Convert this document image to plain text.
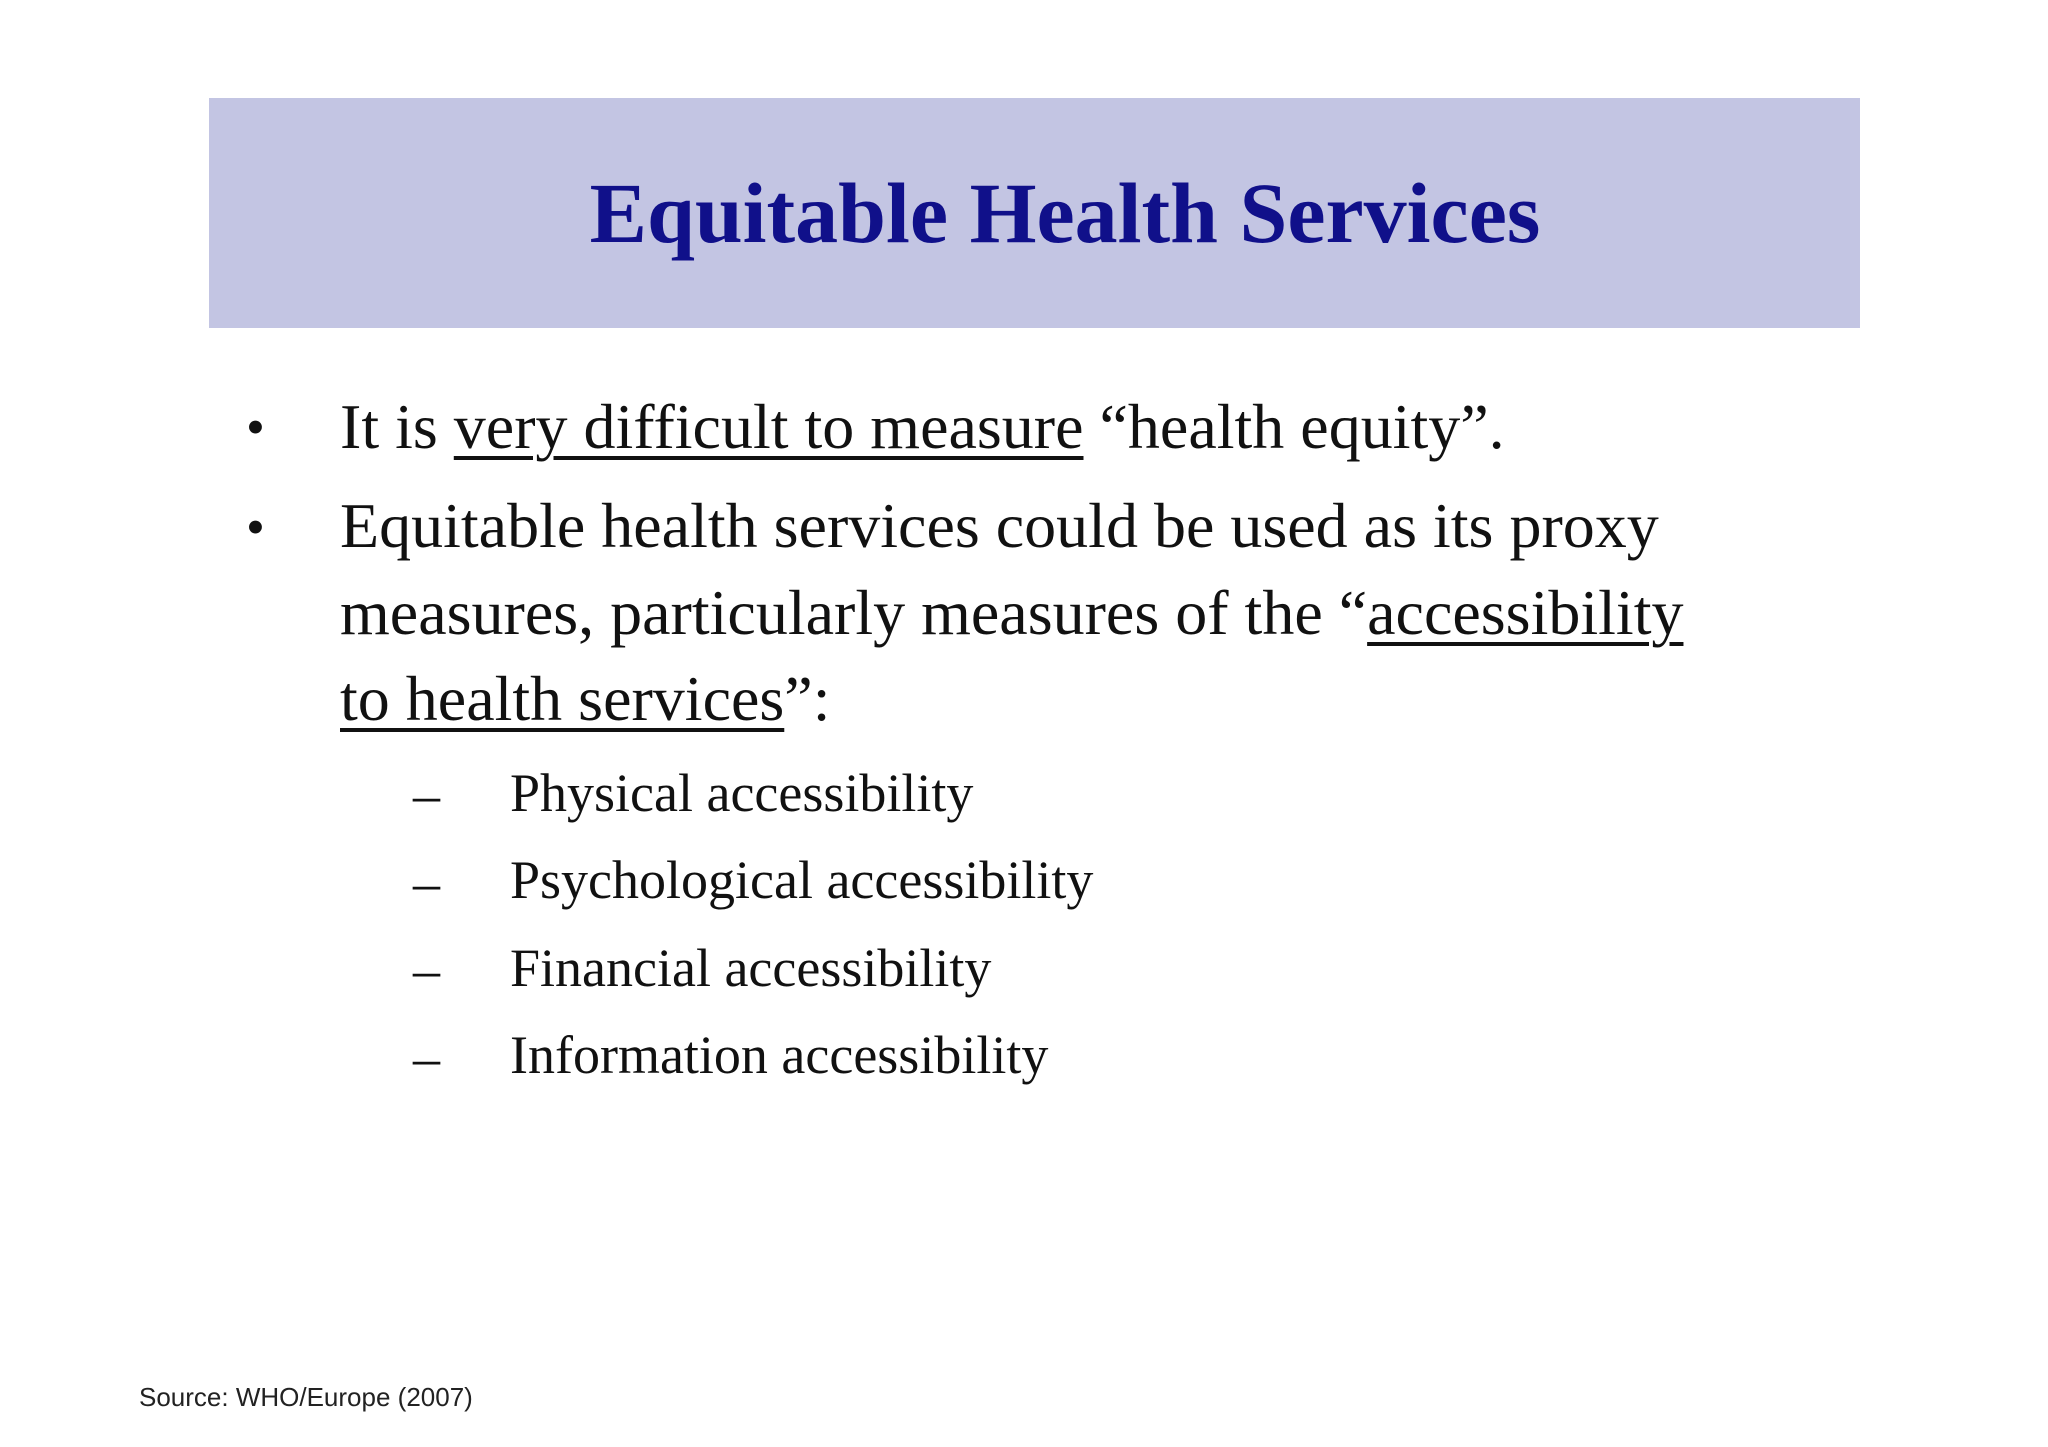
Equitable Health Services
• It is very difficult to measure “health equity”.
• Equitable health services could be used as its proxy
measures, particularly measures of the “accessibility
to health services”:
– Physical accessibility
– Psychological accessibility
– Financial accessibility
– Information accessibility
Source: WHO/Europe (2007)
